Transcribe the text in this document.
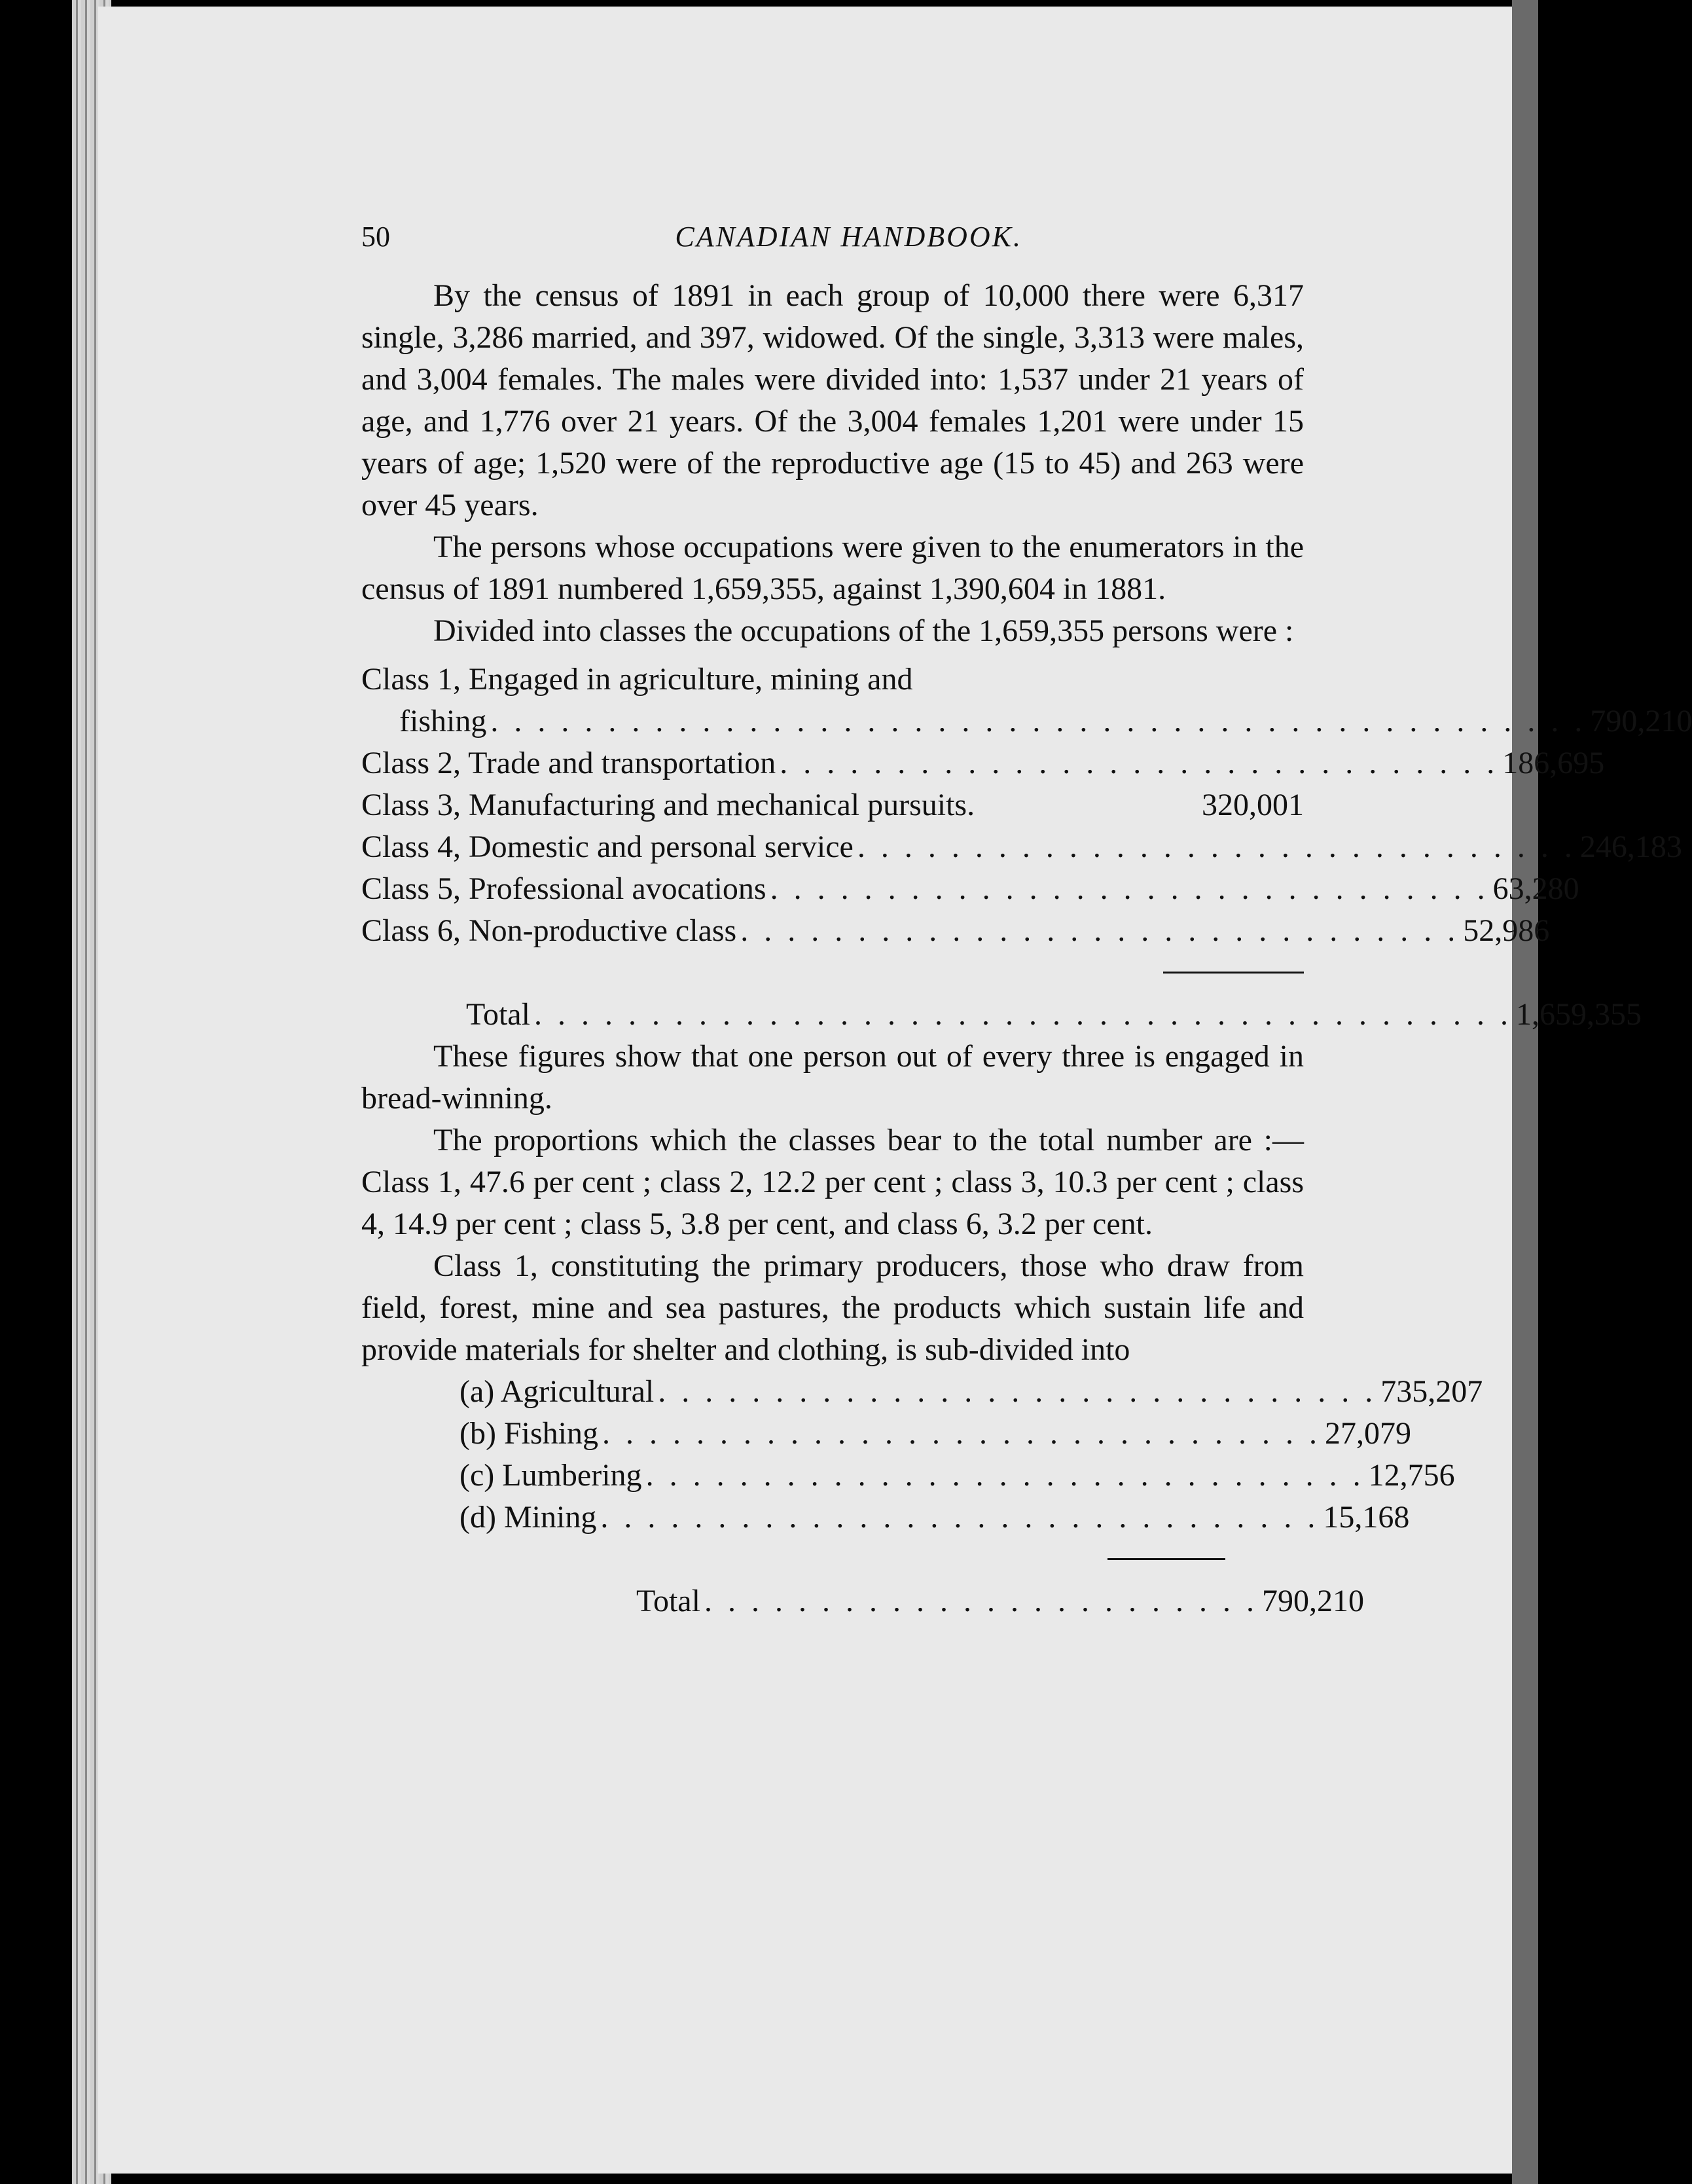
50	CANADIAN HANDBOOK.

By the census of 1891 in each group of 10,000 there were 6,317 single, 3,286 married, and 397, widowed. Of the single, 3,313 were males, and 3,004 females. The males were divided into: 1,537 under 21 years of age, and 1,776 over 21 years. Of the 3,004 females 1,201 were under 15 years of age; 1,520 were of the reproductive age (15 to 45) and 263 were over 45 years.

The persons whose occupations were given to the enumerators in the census of 1891 numbered 1,659,355, against 1,390,604 in 1881.

Divided into classes the occupations of the 1,659,355 persons were :

Class 1, Engaged in agriculture, mining and
fishing . . . . . . . . . . . . . . . . . . . . . . . . . . . . . . . . . . . . . . . . . . . . . . . 790,210
Class 2, Trade and transportation . . . . . . . . . . . . . . . . . . . . . . . . . . . . . . . 186,695
Class 3, Manufacturing and mechanical pursuits.	320,001
Class 4, Domestic and personal service . . . . . . . . . . . . . . . . . . . . . . . . . . . . . . . 246,183
Class 5, Professional avocations . . . . . . . . . . . . . . . . . . . . . . . . . . . . . . . 63,280
Class 6, Non-productive class . . . . . . . . . . . . . . . . . . . . . . . . . . . . . . . 52,986
Total . . . . . . . . . . . . . . . . . . . . . . . . . . . . . . . . . . . . . . . . . . 1,659,355

These figures show that one person out of every three is engaged in bread-winning.

The proportions which the classes bear to the total number are :—Class 1, 47.6 per cent ; class 2, 12.2 per cent ; class 3, 10.3 per cent ; class 4, 14.9 per cent ; class 5, 3.8 per cent, and class 6, 3.2 per cent.

Class 1, constituting the primary producers, those who draw from field, forest, mine and sea pastures, the products which sustain life and provide materials for shelter and clothing, is sub-divided into

(a) Agricultural . . . . . . . . . . . . . . . . . . . . . . . . . . . . . . . 735,207
(b) Fishing . . . . . . . . . . . . . . . . . . . . . . . . . . . . . . . 27,079
(c) Lumbering . . . . . . . . . . . . . . . . . . . . . . . . . . . . . . . 12,756
(d) Mining . . . . . . . . . . . . . . . . . . . . . . . . . . . . . . . 15,168
Total . . . . . . . . . . . . . . . . . . . . . . . . 790,210
